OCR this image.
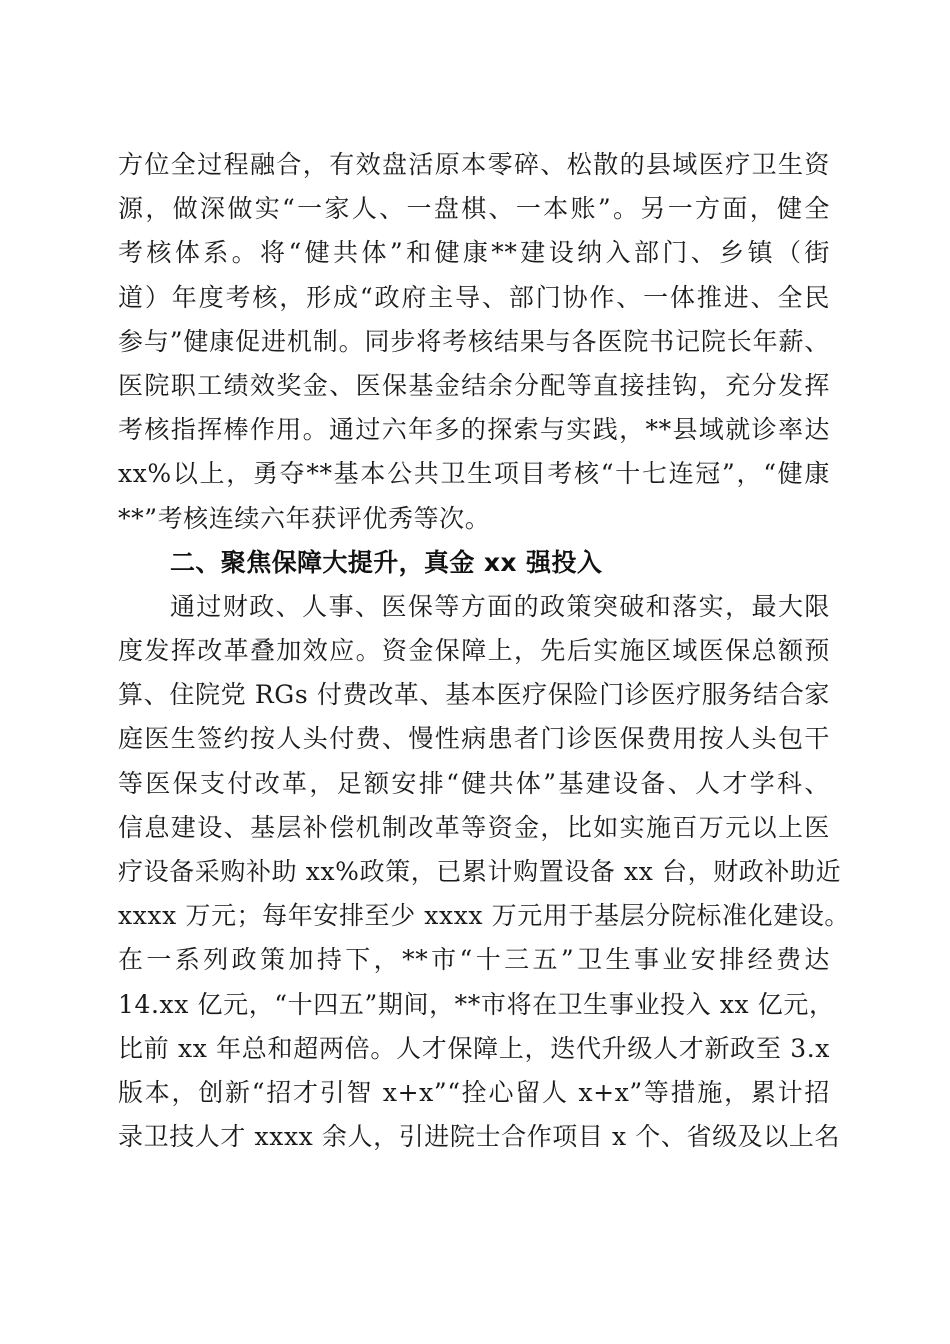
方位全过程融合，有效盘活原本零碎、松散的县域医疗卫生资
源，做深做实“一家人、一盘棋、一本账”。另一方面，健全
考核体系。将“健共体”和健康**建设纳入部门、乡镇（街
道）年度考核，形成“政府主导、部门协作、一体推进、全民
参与”健康促进机制。同步将考核结果与各医院书记院长年薪、
医院职工绩效奖金、医保基金结余分配等直接挂钩，充分发挥
考核指挥棒作用。通过六年多的探索与实践，**县域就诊率达
xx%以上，勇夺**基本公共卫生项目考核“十七连冠”，“健康
**”考核连续六年获评优秀等次。
二、聚焦保障大提升，真金 xx 强投入
通过财政、人事、医保等方面的政策突破和落实，最大限
度发挥改革叠加效应。资金保障上，先后实施区域医保总额预
算、住院党 RGs 付费改革、基本医疗保险门诊医疗服务结合家
庭医生签约按人头付费、慢性病患者门诊医保费用按人头包干
等医保支付改革，足额安排“健共体”基建设备、人才学科、
信息建设、基层补偿机制改革等资金，比如实施百万元以上医
疗设备采购补助 xx%政策，已累计购置设备 xx 台，财政补助近
xxxx 万元；每年安排至少 xxxx 万元用于基层分院标准化建设。
在一系列政策加持下，**市“十三五”卫生事业安排经费达
14.xx 亿元，“十四五”期间，**市将在卫生事业投入 xx 亿元，
比前 xx 年总和超两倍。人才保障上，迭代升级人才新政至 3.x
版本，创新“招才引智 x+x”“拴心留人 x+x”等措施，累计招
录卫技人才 xxxx 余人，引进院士合作项目 x 个、省级及以上名
